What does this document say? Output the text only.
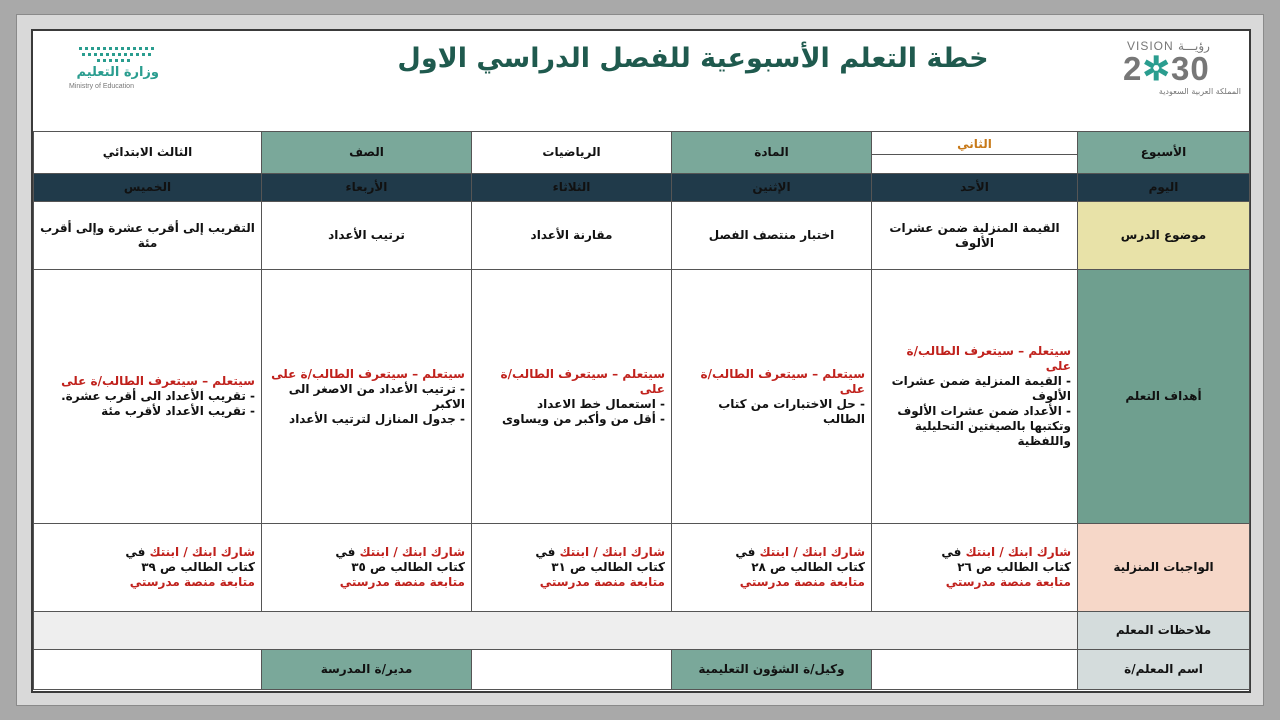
وزارة التعليم
Ministry of Education
خطة التعلم الأسبوعية للفصل الدراسي الاول	VISION رؤيـــة
2✲30
المملكة العربية السعودية
الأسبوع	الثاني	المادة	الرياضيات	الصف	الثالث الابتدائي
اليوم	الأحد	الإثنين	الثلاثاء	الأربعاء	الخميس
موضوع الدرس	القيمة المنزلية ضمن عشرات الألوف	اختبار منتصف الفصل	مقارنة الأعداد	ترتيب الأعداد	التقريب إلى أقرب عشرة وإلى أقرب مئة
أهداف التعلم	سيتعلم – سيتعرف الطالب/ة على
- القيمة المنزلية ضمن عشرات الألوف
- الأعداد ضمن عشرات الألوف وتكتبها بالصيغتين التحليلية واللفظية	سيتعلم – سيتعرف الطالب/ة على
- حل الاختبارات من كتاب الطالب	سيتعلم – سيتعرف الطالب/ة على
- استعمال خط الاعداد
- أقل من وأكبر من ويساوى	سيتعلم – سيتعرف الطالب/ة على
- ترتيب الأعداد من الاصغر الى الاكبر
- جدول المنازل لترتيب الأعداد	سيتعلم – سيتعرف الطالب/ة على
- تقريب الأعداد الى أقرب عشرة.
- تقريب الأعداد لأقرب مئة

الواجبات المنزلية	شارك ابنك / ابنتك في
كتاب الطالب ص ٢٦
متابعة منصة مدرستي	شارك ابنك / ابنتك في
كتاب الطالب ص ٢٨
متابعة منصة مدرستي	شارك ابنك / ابنتك في
كتاب الطالب ص ٣١
متابعة منصة مدرستي	شارك ابنك / ابنتك في
كتاب الطالب ص ٣٥
متابعة منصة مدرستي	شارك ابنك / ابنتك في
كتاب الطالب ص ٣٩
متابعة منصة مدرستي

ملاحظات المعلم					
اسم المعلم/ة		وكيل/ة الشؤون التعليمية		مدير/ة المدرسة	
